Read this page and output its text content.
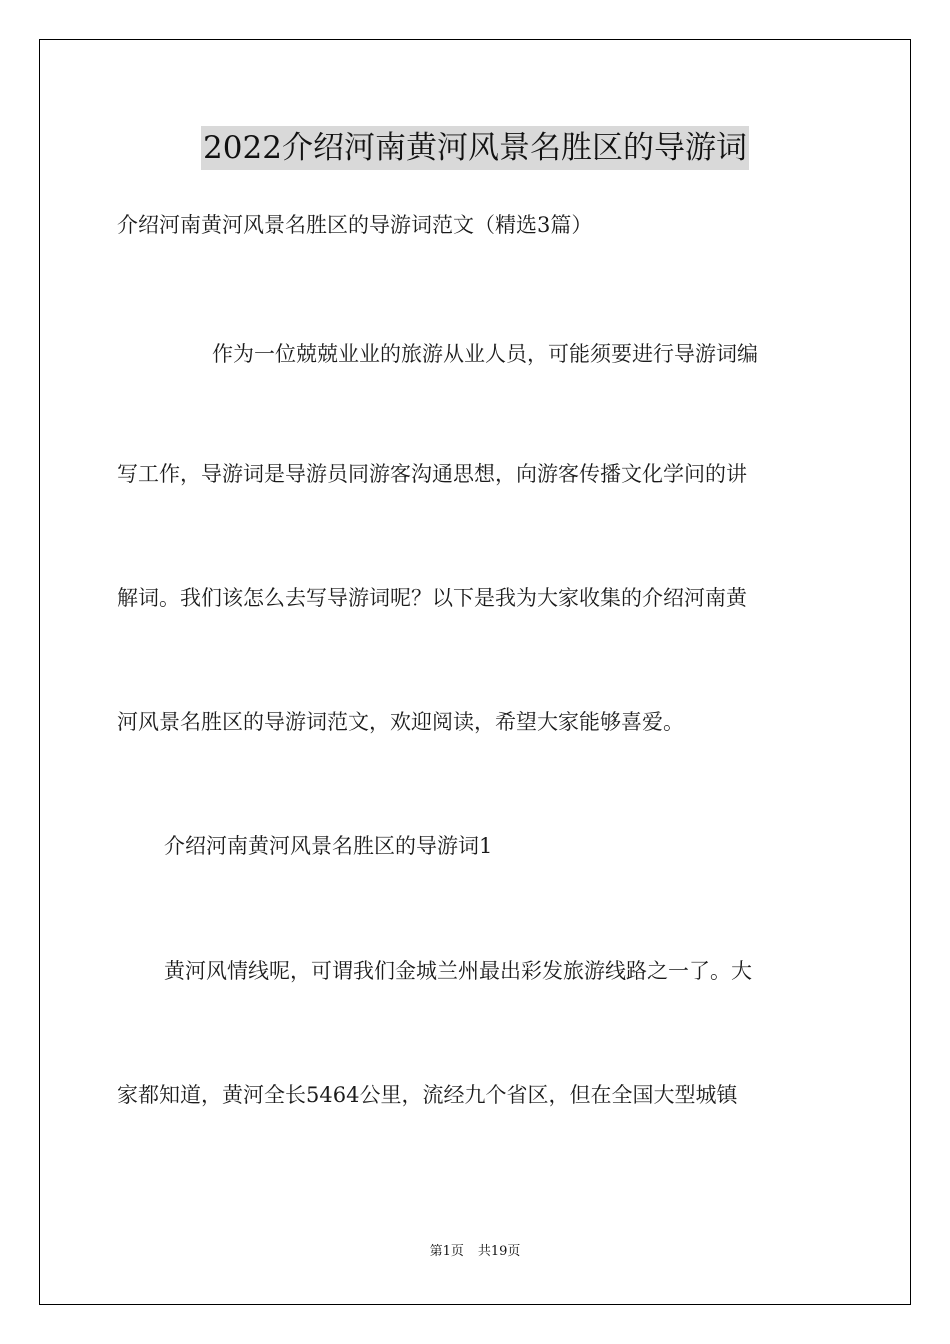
2022介绍河南黄河风景名胜区的导游词
介绍河南黄河风景名胜区的导游词范文（精选3篇）
作为一位兢兢业业的旅游从业人员，可能须要进行导游词编
写工作，导游词是导游员同游客沟通思想，向游客传播文化学问的讲
解词。我们该怎么去写导游词呢？以下是我为大家收集的介绍河南黄
河风景名胜区的导游词范文，欢迎阅读，希望大家能够喜爱。
介绍河南黄河风景名胜区的导游词1
黄河风情线呢，可谓我们金城兰州最出彩发旅游线路之一了。大
家都知道，黄河全长5464公里，流经九个省区，但在全国大型城镇
第1页 共19页
